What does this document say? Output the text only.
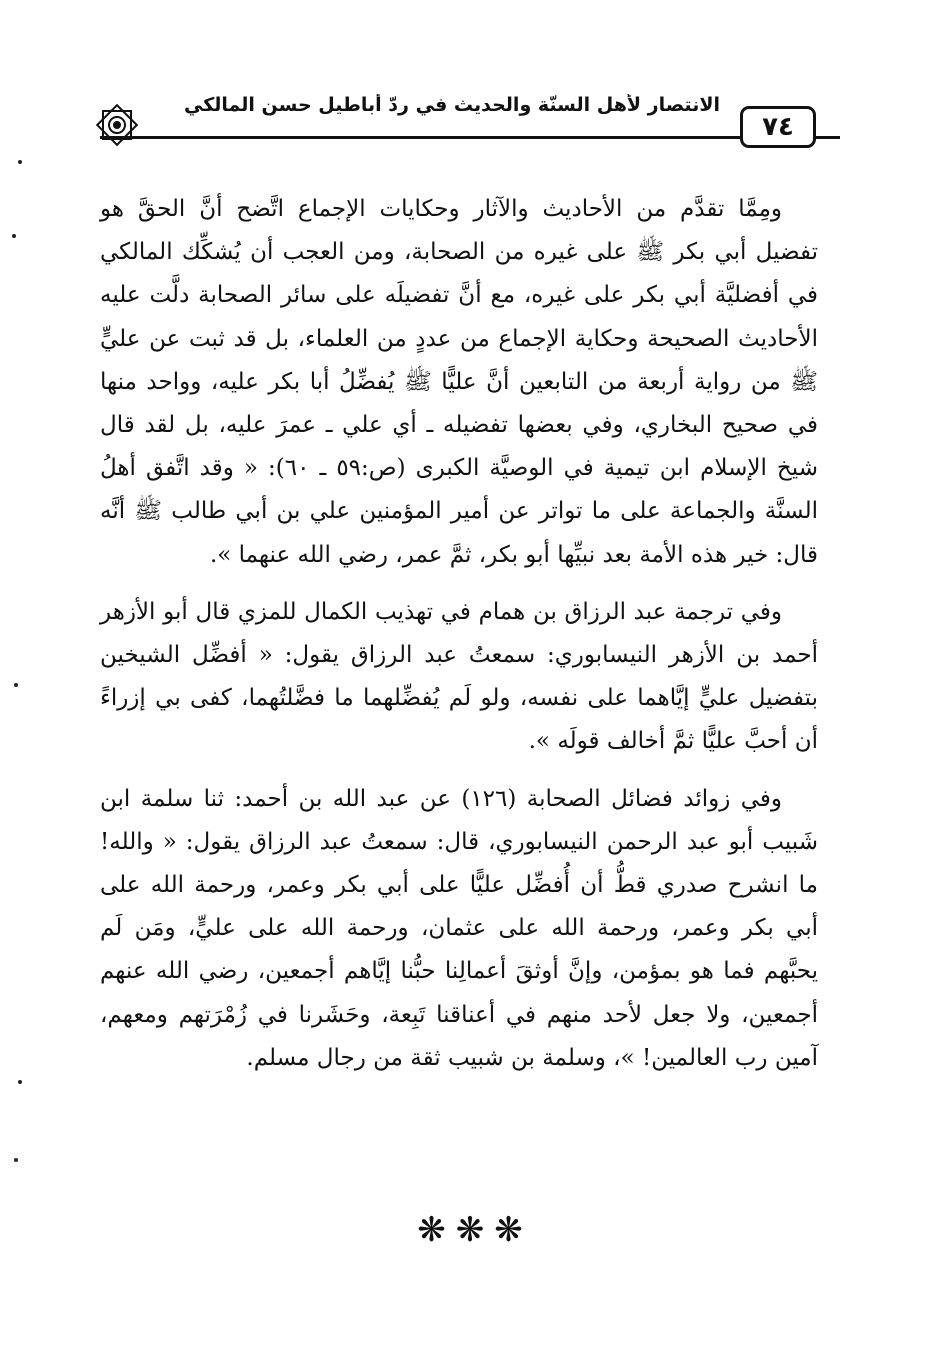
الانتصار لأهل السنّة والحديث في ردّ أباطيل حسن المالكي
٧٤

ومِمَّا تقدَّم من الأحاديث والآثار وحكايات الإجماع اتَّضح أنَّ الحقَّ هو تفضيل أبي بكر ﷺ على غيره من الصحابة، ومن العجب أن يُشكِّك المالكي في أفضليَّة أبي بكر على غيره، مع أنَّ تفضيلَه على سائر الصحابة دلَّت عليه الأحاديث الصحيحة وحكاية الإجماع من عددٍ من العلماء، بل قد ثبت عن عليٍّ ﷺ من رواية أربعة من التابعين أنَّ عليًّا ﷺ يُفضِّلُ أبا بكر عليه، وواحد منها في صحيح البخاري، وفي بعضها تفضيله ـ أي علي ـ عمرَ عليه، بل لقد قال شيخ الإسلام ابن تيمية في الوصيَّة الكبرى (ص:٥٩ ـ ٦٠): « وقد اتَّفق أهلُ السنَّة والجماعة على ما تواتر عن أمير المؤمنين علي بن أبي طالب ﷺ أنَّه قال: خير هذه الأمة بعد نبيِّها أبو بكر، ثمَّ عمر، رضي الله عنهما ».

وفي ترجمة عبد الرزاق بن همام في تهذيب الكمال للمزي قال أبو الأزهر أحمد بن الأزهر النيسابوري: سمعتُ عبد الرزاق يقول: « أفضِّل الشيخين بتفضيل عليٍّ إيَّاهما على نفسه، ولو لَم يُفضِّلهما ما فضَّلتُهما، كفى بي إزراءً أن أحبَّ عليًّا ثمَّ أخالف قولَه ».

وفي زوائد فضائل الصحابة (١٢٦) عن عبد الله بن أحمد: ثنا سلمة ابن شَبيب أبو عبد الرحمن النيسابوري، قال: سمعتُ عبد الرزاق يقول: « والله! ما انشرح صدري قطُّ أن أُفضِّل عليًّا على أبي بكر وعمر، ورحمة الله على أبي بكر وعمر، ورحمة الله على عثمان، ورحمة الله على عليٍّ، ومَن لَم يحبَّهم فما هو بمؤمن، وإنَّ أوثقَ أعمالِنا حبُّنا إيَّاهم أجمعين، رضي الله عنهم أجمعين، ولا جعل لأحد منهم في أعناقنا تَبِعة، وحَشَرنا في زُمْرَتهم ومعهم، آمين رب العالمين! »، وسلمة بن شبيب ثقة من رجال مسلم.

❋❋❋
